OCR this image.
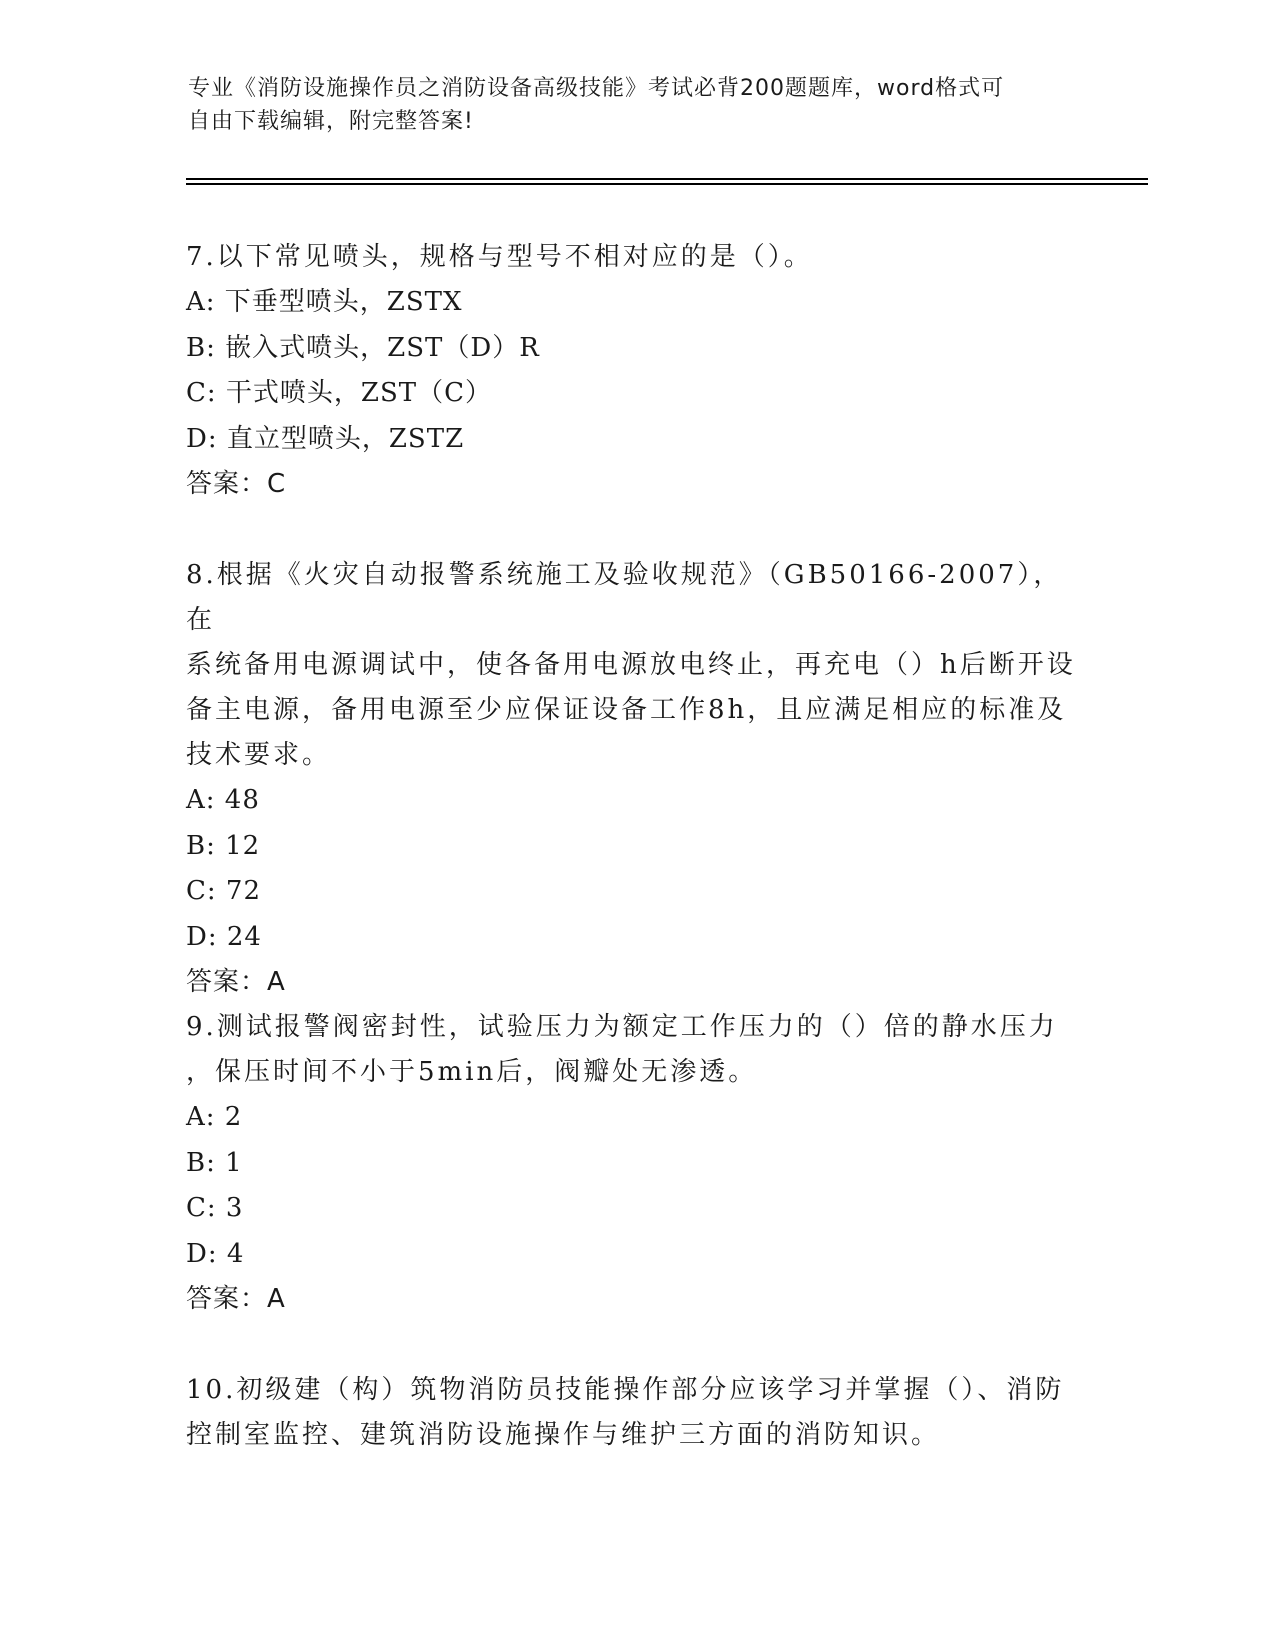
专业《消防设施操作员之消防设备高级技能》考试必背200题题库，word格式可
自由下载编辑，附完整答案!

7.以下常见喷头，规格与型号不相对应的是（）。

A: 下垂型喷头，ZSTX

B: 嵌入式喷头，ZST（D）R

C: 干式喷头，ZST（C）

D: 直立型喷头，ZSTZ

答案：C

8.根据《火灾自动报警系统施工及验收规范》（GB50166-2007），在

系统备用电源调试中，使各备用电源放电终止，再充电（）h后断开设

备主电源，备用电源至少应保证设备工作8h，且应满足相应的标准及

技术要求。

A: 48

B: 12

C: 72

D: 24

答案：A

9.测试报警阀密封性，试验压力为额定工作压力的（）倍的静水压力

，保压时间不小于5min后，阀瓣处无渗透。

A: 2

B: 1

C: 3

D: 4

答案：A

10.初级建（构）筑物消防员技能操作部分应该学习并掌握（）、消防

控制室监控、建筑消防设施操作与维护三方面的消防知识。
